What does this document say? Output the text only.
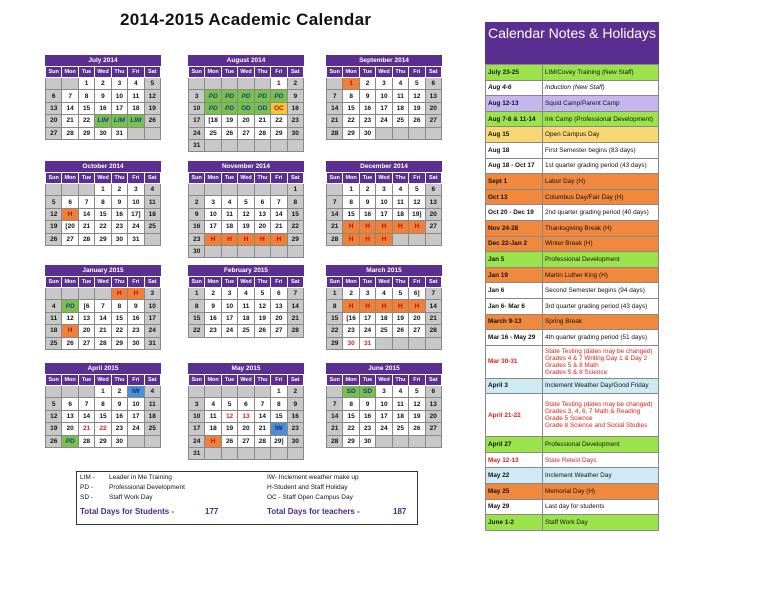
2014-2015 Academic Calendar
July 2014
Sun	Mon	Tue	Wed	Thu	Fri	Sat
		1	2	3	4	5
6	7	8	9	10	11	12
13	14	15	16	17	18	19
20	21	22	LIM	LIM	LIM	26
27	28	29	30	31		
August 2014
Sun	Mon	Tue	Wed	Thu	Fri	Sat
					1	2
3	PD	PD	PD	PD	PD	9
10	PD	PD	OD	OD	OC	16
17	[18	19	20	21	22	23
24	25	26	27	28	29	30
31						
September 2014
Sun	Mon	Tue	Wed	Thu	Fri	Sat
	1	2	3	4	5	6
7	8	9	10	11	12	13
14	15	16	17	18	19	20
21	22	23	24	25	26	27
28	29	30				
October 2014
Sun	Mon	Tue	Wed	Thu	Fri	Sat
			1	2	3	4
5	6	7	8	9	10	11
12	H	14	15	16	17]	18
19	[20	21	22	23	24	25
26	27	28	29	30	31	
November 2014
Sun	Mon	Tue	Wed	Thu	Fri	Sat
						1
2	3	4	5	6	7	8
9	10	11	12	13	14	15
16	17	18	19	20	21	22
23	H	H	H	H	H	29
30						
December 2014
Sun	Mon	Tue	Wed	Thu	Fri	Sat
	1	2	3	4	5	6
7	8	9	10	11	12	13
14	15	16	17	18	19]	20
21	H	H	H	H	H	27
28	H	H	H			
January 2015
Sun	Mon	Tue	Wed	Thu	Fri	Sat
				H	H	3
4	PD	[6	7	8	9	10
11	12	13	14	15	16	17
18	H	20	21	22	23	24
25	26	27	28	29	30	31
February 2015
Sun	Mon	Tue	Wed	Thu	Fri	Sat
1	2	3	4	5	6	7
8	9	10	11	12	13	14
15	16	17	18	19	20	21
22	23	24	25	26	27	28
March 2015
Sun	Mon	Tue	Wed	Thu	Fri	Sat
1	2	3	4	5	6]	7
8	H	H	H	H	H	14
15	[16	17	18	19	20	21
22	23	24	25	26	27	28
29	30	31				
April 2015
Sun	Mon	Tue	Wed	Thu	Fri	Sat
			1	2	IW	4
5	6	7	8	9	10	11
12	13	14	15	16	17	18
19	20	21	22	23	24	25
26	PD	28	29	30		
May 2015
Sun	Mon	Tue	Wed	Thu	Fri	Sat
					1	2
3	4	5	6	7	8	9
10	11	12	13	14	15	16
17	18	19	20	21	IW	23
24	H	26	27	28	29]	30
31						
June 2015
Sun	Mon	Tue	Wed	Thu	Fri	Sat
	SD	SD	3	4	5	6
7	8	9	10	11	12	13
14	15	16	17	18	19	20
21	22	23	24	25	26	27
28	29	30				
LIM - Leader in Me Training
PD - Professional Development
SD - Staff Work Day
IW- Inclement weather make up
H-Student and Staff Holiday
OC - Staff Open Campus Day
Total Days for Students -	177	Total Days for teachers -	187
Calendar Notes & Holidays
July 23-25	LIM/Covey Training (New Staff)
Aug 4-6	Induction (New Staff)
Aug 12-13	Squid Camp/Parent Camp
Aug 7-8 & 11-14	Ink Camp (Professional Development)
Aug 15	Open Campus Day
Aug 18	First Semester begins (83 days)
Aug 18 - Oct 17	1st quarter grading period (43 days)
Sept 1	Labor Day (H)
Oct 13	Columbus Day/Fair Day (H)
Oct 20 - Dec 19	2nd quarter grading period (40 days)
Nov 24-28	Thanksgiving Break (H)
Dec 22-Jan 2	Winter Break (H)
Jan 5	Professional Development
Jan 19	Martin Luther King (H)
Jan 6	Second Semester begins (94 days)
Jan 6- Mar 6	3rd quarter grading period (43 days)
March 9-13	Spring Break
Mar 16 - May 29	4th quarter grading period (51 days)
Mar 30-31	State Testing (dates may be changed)
Grades 4 & 7 Writing Day 1 & Day 2
Grades 5 & 8 Math
Grades 5 & 8 Science

April 3	Inclement Weather Day/Good Friday
April 21-22	State Testing (dates may be changed)
Grades 3, 4, 6, 7 Math & Reading
Grade 5 Science
Grade 8 Science and Social Studies

April 27	Professional Development
May 12-13	State Retest Days
May 22	Inclement Weather Day
May 25	Memorial Day (H)
May 29	Last day for students
June 1-2	Staff Work Day
